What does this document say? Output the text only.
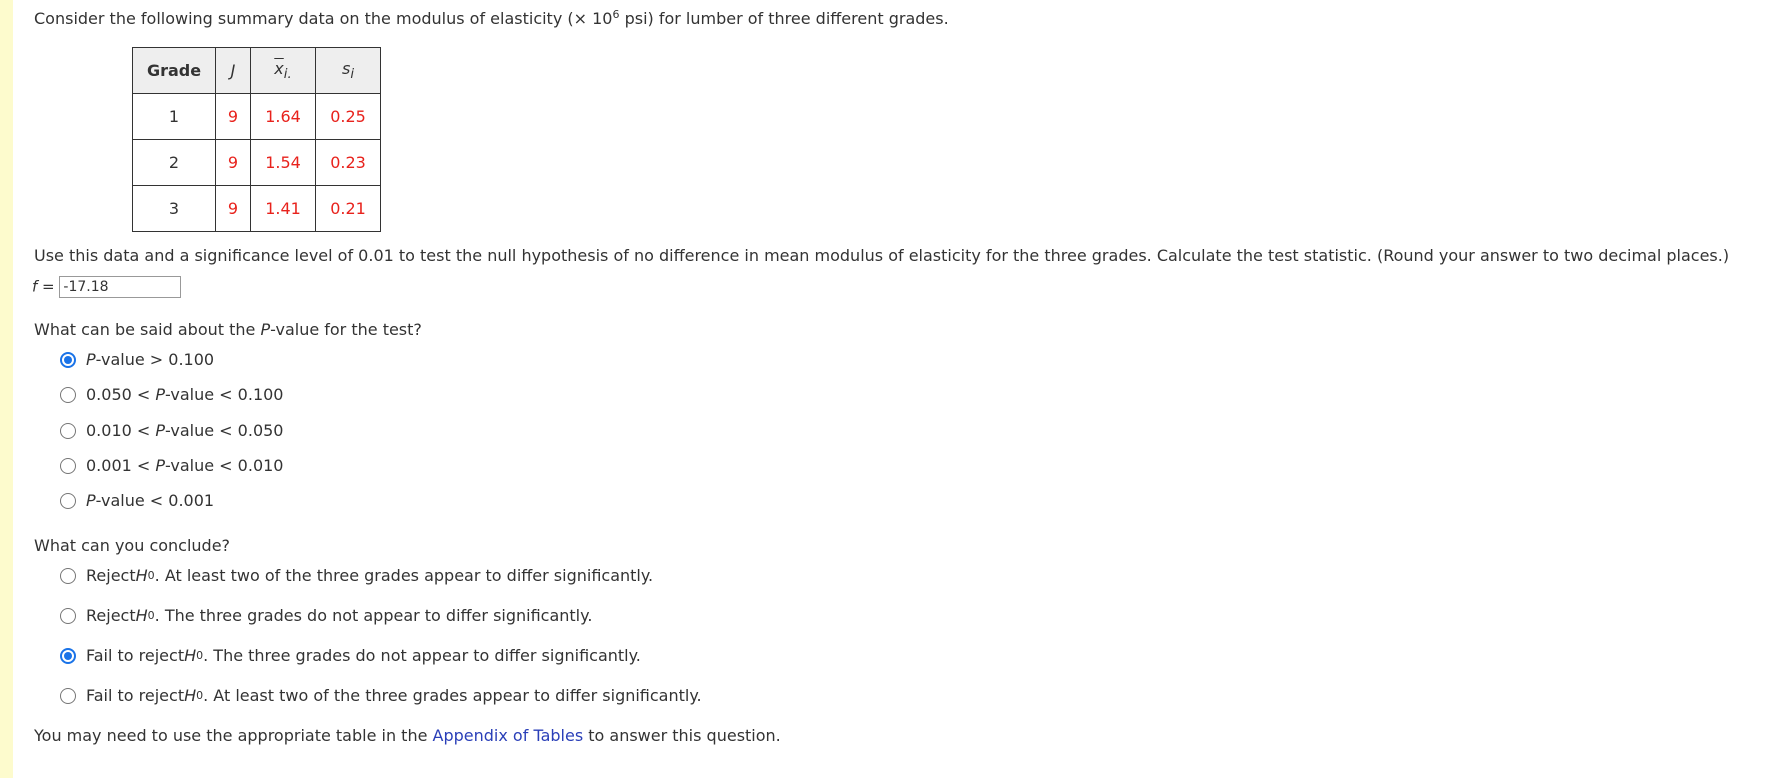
Consider the following summary data on the modulus of elasticity (× $10^6$ psi) for lumber of three different grades.
Grade	J	$\overline{x}_{i.}$	$s_i$
1	9	1.64	0.25
2	9	1.54	0.23
3	9	1.41	0.21
Use this data and a significance level of 0.01 to test the null hypothesis of no difference in mean modulus of elasticity for the three grades. Calculate the test statistic. (Round your answer to two decimal places.)
f = -17.18
What can be said about the P-value for the test?
P -value > 0.100
0.050 <
P -value < 0.100
0.010 <
P -value < 0.050
0.001 <
P -value < 0.010
P -value < 0.001
What can you conclude?
Reject H 0 . At least two of the three grades appear to differ significantly.
Reject H 0 . The three grades do not appear to differ significantly.
Fail to reject H 0 . The three grades do not appear to differ significantly.
Fail to reject H 0 . At least two of the three grades appear to differ significantly.
You may need to use the appropriate table in the Appendix of Tables to answer this question.
